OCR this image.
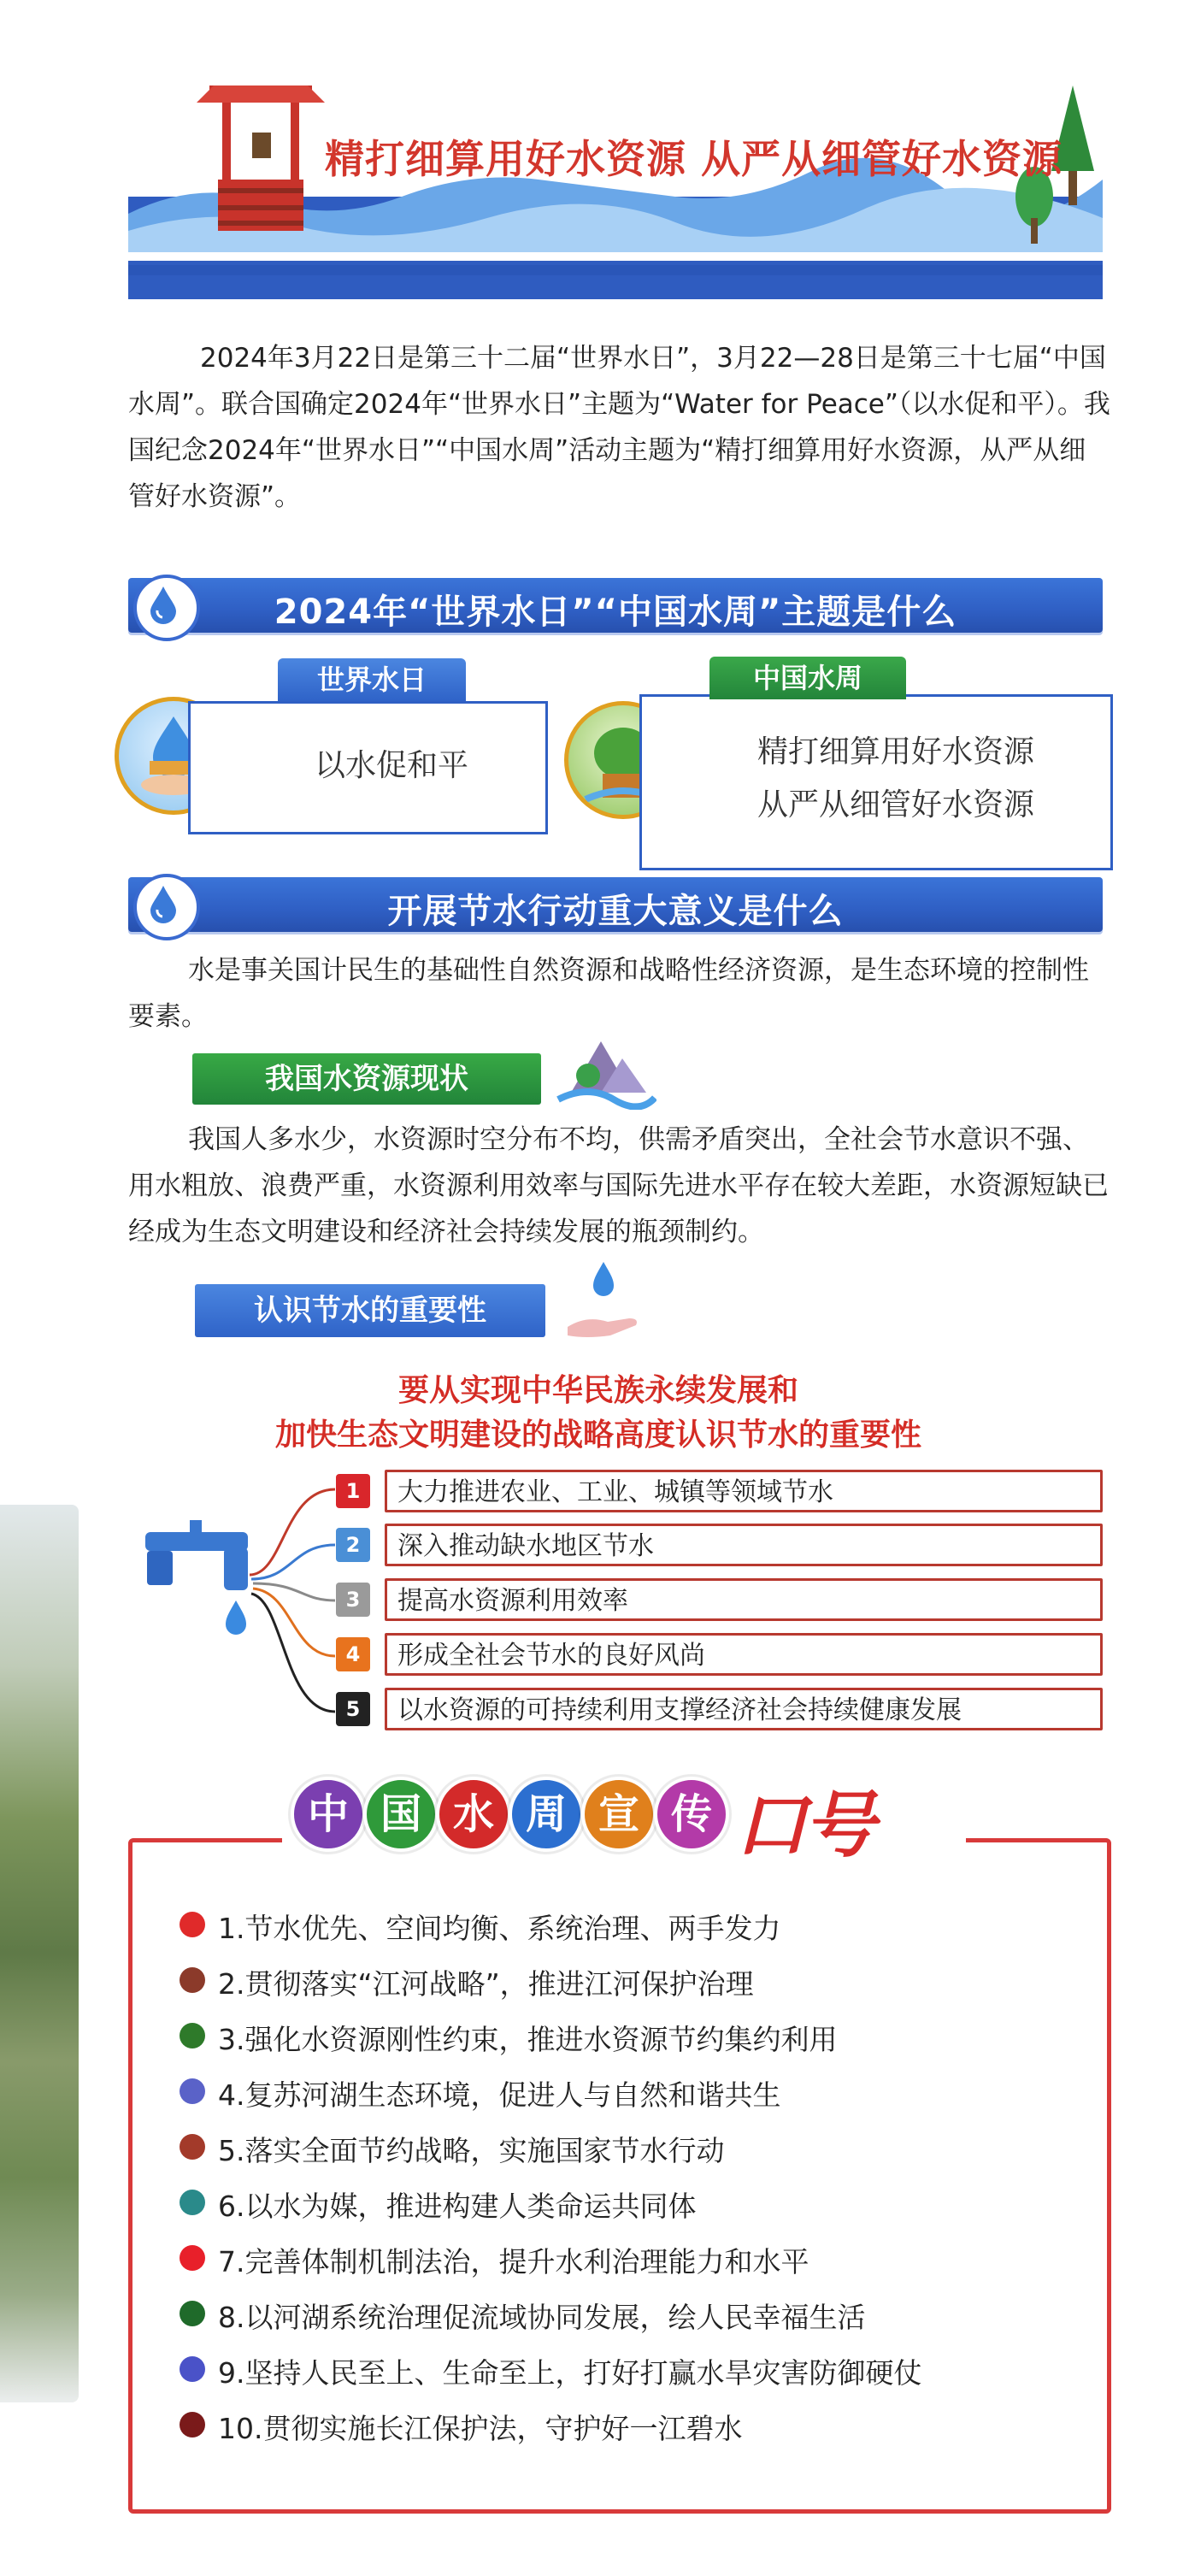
精打细算用好水资源 从严从细管好水资源
2024年3月22日是第三十二届“世界水日”，3月22—28日是第三十七届“中国水周”。联合国确定2024年“世界水日”主题为“Water for Peace”（以水促和平）。我国纪念2024年“世界水日”“中国水周”活动主题为“精打细算用好水资源，从严从细管好水资源”。
2024年“世界水日”“中国水周”主题是什么
以水促和平
世界水日
精打细算用好水资源
从严从细管好水资源
中国水周
开展节水行动重大意义是什么
水是事关国计民生的基础性自然资源和战略性经济资源，是生态环境的控制性要素。
我国水资源现状
我国人多水少，水资源时空分布不均，供需矛盾突出，全社会节水意识不强、用水粗放、浪费严重，水资源利用效率与国际先进水平存在较大差距，水资源短缺已经成为生态文明建设和经济社会持续发展的瓶颈制约。
认识节水的重要性
要从实现中华民族永续发展和
加快生态文明建设的战略高度认识节水的重要性
1	大力推进农业、工业、城镇等领域节水
2	深入推动缺水地区节水
3	提高水资源利用效率
4	形成全社会节水的良好风尚
5	以水资源的可持续利用支撑经济社会持续健康发展
中 国 水 周 宣 传 口号
1.节水优先、空间均衡、系统治理、两手发力
2.贯彻落实“江河战略”，推进江河保护治理
3.强化水资源刚性约束，推进水资源节约集约利用
4.复苏河湖生态环境，促进人与自然和谐共生
5.落实全面节约战略，实施国家节水行动
6.以水为媒，推进构建人类命运共同体
7.完善体制机制法治，提升水利治理能力和水平
8.以河湖系统治理促流域协同发展，绘人民幸福生活
9.坚持人民至上、生命至上，打好打赢水旱灾害防御硬仗
10.贯彻实施长江保护法，守护好一江碧水
